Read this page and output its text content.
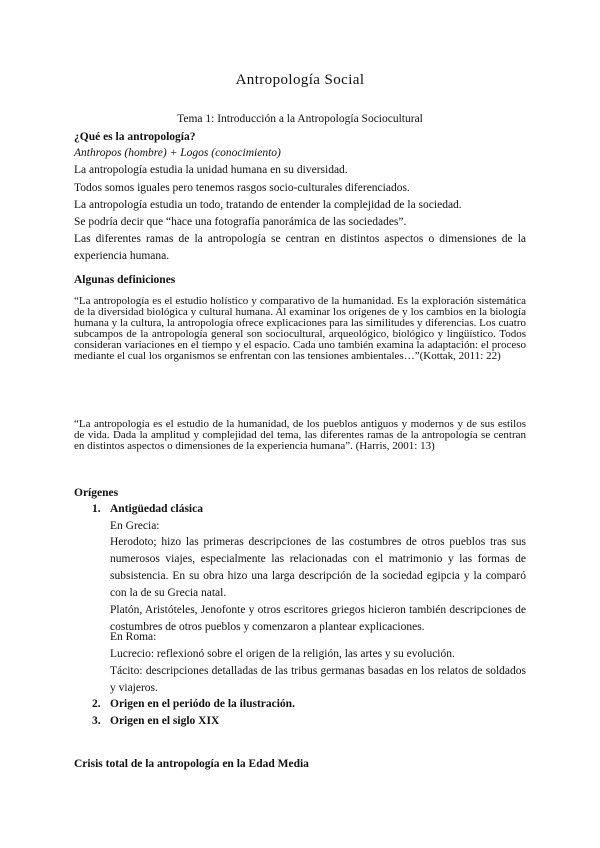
Antropología Social
Tema 1: Introducción a la Antropología Sociocultural
¿Qué es la antropología?
Anthropos (hombre) + Logos (conocimiento)
La antropología estudia la unidad humana en su diversidad.
Todos somos iguales pero tenemos rasgos socio-culturales diferenciados.
La antropología estudia un todo, tratando de entender la complejidad de la sociedad.
Se podría decir que “hace una fotografía panorámica de las sociedades”.
Las diferentes ramas de la antropología se centran en distintos aspectos o dimensiones de la experiencia humana.
Algunas definiciones
“La antropología es el estudio holístico y comparativo de la humanidad. Es la exploración sistemática de la diversidad biológica y cultural humana. Al examinar los orígenes de y los cambios en la biología humana y la cultura, la antropología ofrece explicaciones para las similitudes y diferencias. Los cuatro subcampos de la antropología general son sociocultural, arqueológico, biológico y lingüístico. Todos consideran variaciones en el tiempo y el espacio. Cada uno también examina la adaptación: el proceso mediante el cual los organismos se enfrentan con las tensiones ambientales…”(Kottak, 2011: 22)
“La antropología es el estudio de la humanidad, de los pueblos antiguos y modernos y de sus estilos de vida. Dada la amplitud y complejidad del tema, las diferentes ramas de la antropología se centran en distintos aspectos o dimensiones de la experiencia humana”. (Harris, 2001: 13)
Orígenes
1. Antigüedad clásica
En Grecia:
Herodoto; hizo las primeras descripciones de las costumbres de otros pueblos tras sus numerosos viajes, especialmente las relacionadas con el matrimonio y las formas de subsistencia. En su obra hizo una larga descripción de la sociedad egipcia y la comparó con la de su Grecia natal.
Platón, Aristóteles, Jenofonte y otros escritores griegos hicieron también descripciones de costumbres de otros pueblos y comenzaron a plantear explicaciones.
En Roma:
Lucrecio: reflexionó sobre el origen de la religión, las artes y su evolución.
Tácito: descripciones detalladas de las tribus germanas basadas en los relatos de soldados y viajeros.
2. Origen en el periódo de la ilustración.
3. Origen en el siglo XIX
Crisis total de la antropología en la Edad Media
